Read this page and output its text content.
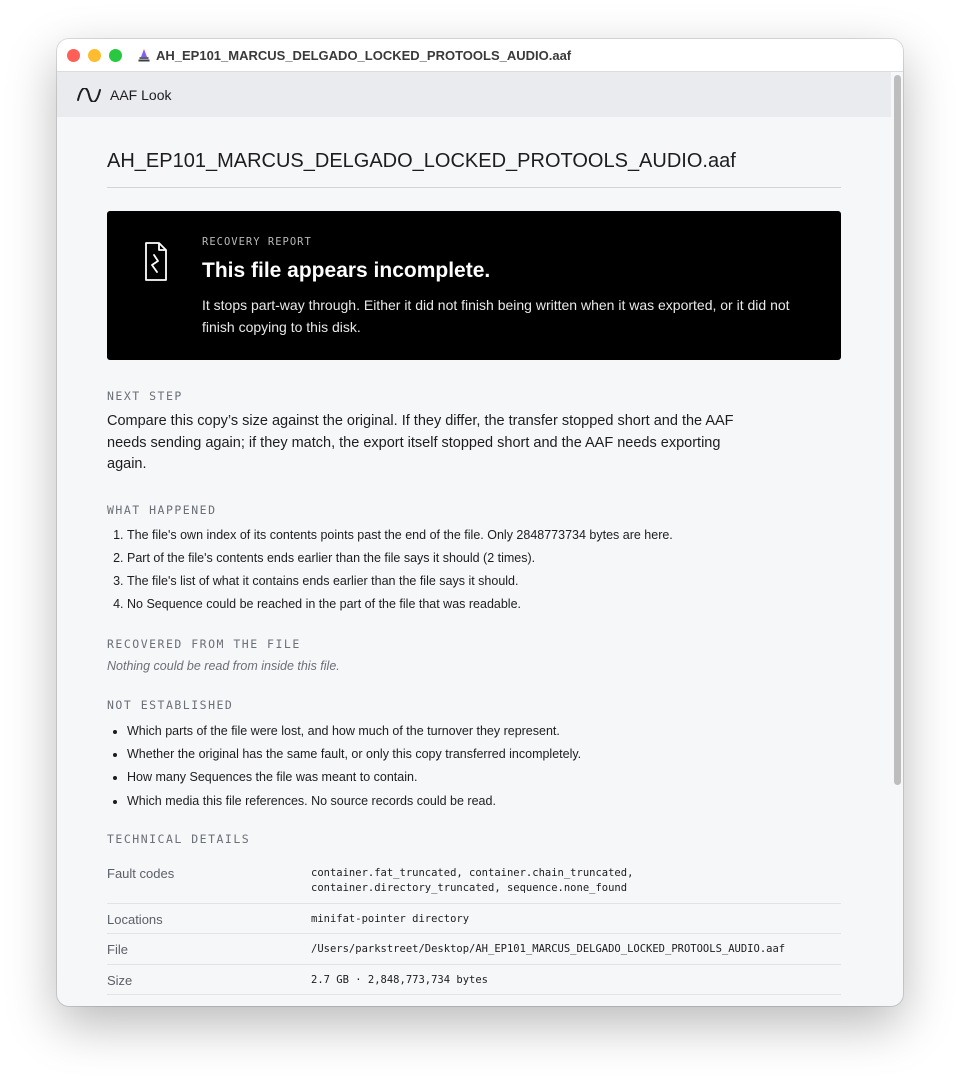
AH_EP101_MARCUS_DELGADO_LOCKED_PROTOOLS_AUDIO.aaf
AAF Look
AH_EP101_MARCUS_DELGADO_LOCKED_PROTOOLS_AUDIO.aaf
RECOVERY REPORT
This file appears incomplete.
It stops part-way through. Either it did not finish being written when it was exported, or it did not finish copying to this disk.
NEXT STEP
Compare this copy’s size against the original. If they differ, the transfer stopped short and the AAF needs sending again; if they match, the export itself stopped short and the AAF needs exporting again.
WHAT HAPPENED
1. The file's own index of its contents points past the end of the file. Only 2848773734 bytes are here.
2. Part of the file's contents ends earlier than the file says it should (2 times).
3. The file's list of what it contains ends earlier than the file says it should.
4. No Sequence could be reached in the part of the file that was readable.
RECOVERED FROM THE FILE
Nothing could be read from inside this file.
NOT ESTABLISHED
• Which parts of the file were lost, and how much of the turnover they represent.
• Whether the original has the same fault, or only this copy transferred incompletely.
• How many Sequences the file was meant to contain.
• Which media this file references. No source records could be read.
TECHNICAL DETAILS
Fault codes	container.fat_truncated, container.chain_truncated,
container.directory_truncated, sequence.none_found
Locations	minifat-pointer directory
File	/Users/parkstreet/Desktop/AH_EP101_MARCUS_DELGADO_LOCKED_PROTOOLS_AUDIO.aaf
Size	2.7 GB · 2,848,773,734 bytes
